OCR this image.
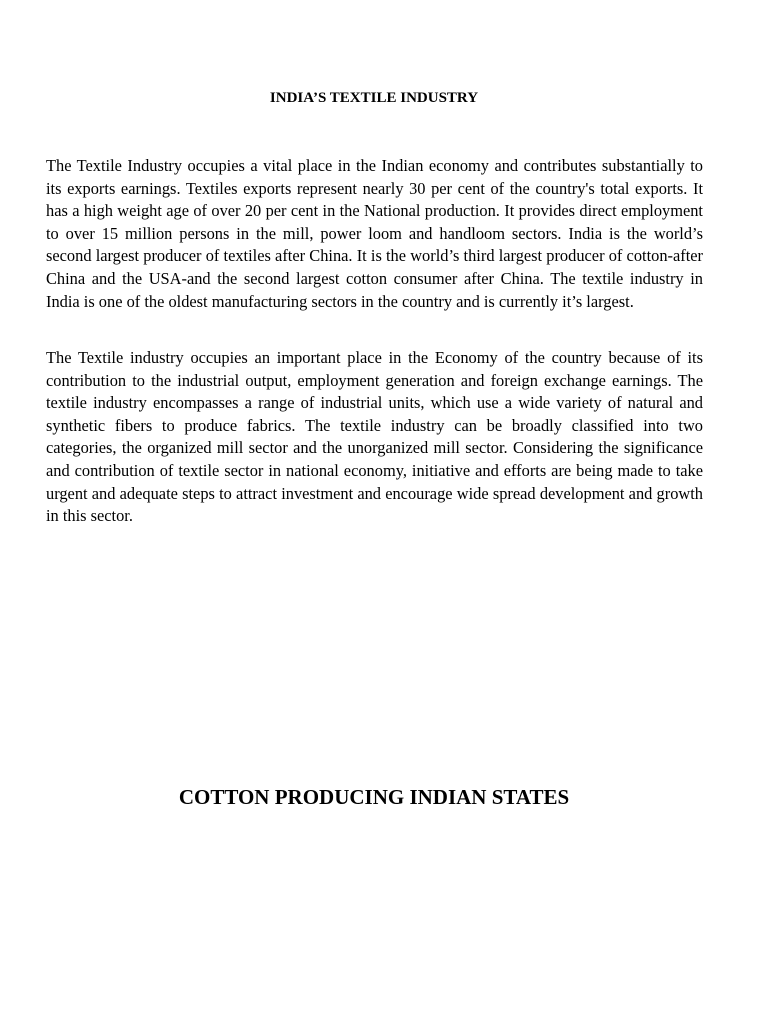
INDIA’S TEXTILE INDUSTRY

The Textile Industry occupies a vital place in the Indian economy and contributes substantially to its exports earnings. Textiles exports represent nearly 30 per cent of the country's total exports. It has a high weight age of over 20 per cent in the National production. It provides direct employment to over 15 million persons in the mill, power loom and handloom sectors. India is the world’s second largest producer of textiles after China. It is the world’s third largest producer of cotton-after China and the USA-and the second largest cotton consumer after China. The textile industry in India is one of the oldest manufacturing sectors in the country and is currently it’s largest.

The Textile industry occupies an important place in the Economy of the country because of its contribution to the industrial output, employment generation and foreign exchange earnings. The textile industry encompasses a range of industrial units, which use a wide variety of natural and synthetic fibers to produce fabrics. The textile industry can be broadly classified into two categories, the organized mill sector and the unorganized mill sector. Considering the significance and contribution of textile sector in national economy, initiative and efforts are being made to take urgent and adequate steps to attract investment and encourage wide spread development and growth in this sector.

COTTON PRODUCING INDIAN STATES
